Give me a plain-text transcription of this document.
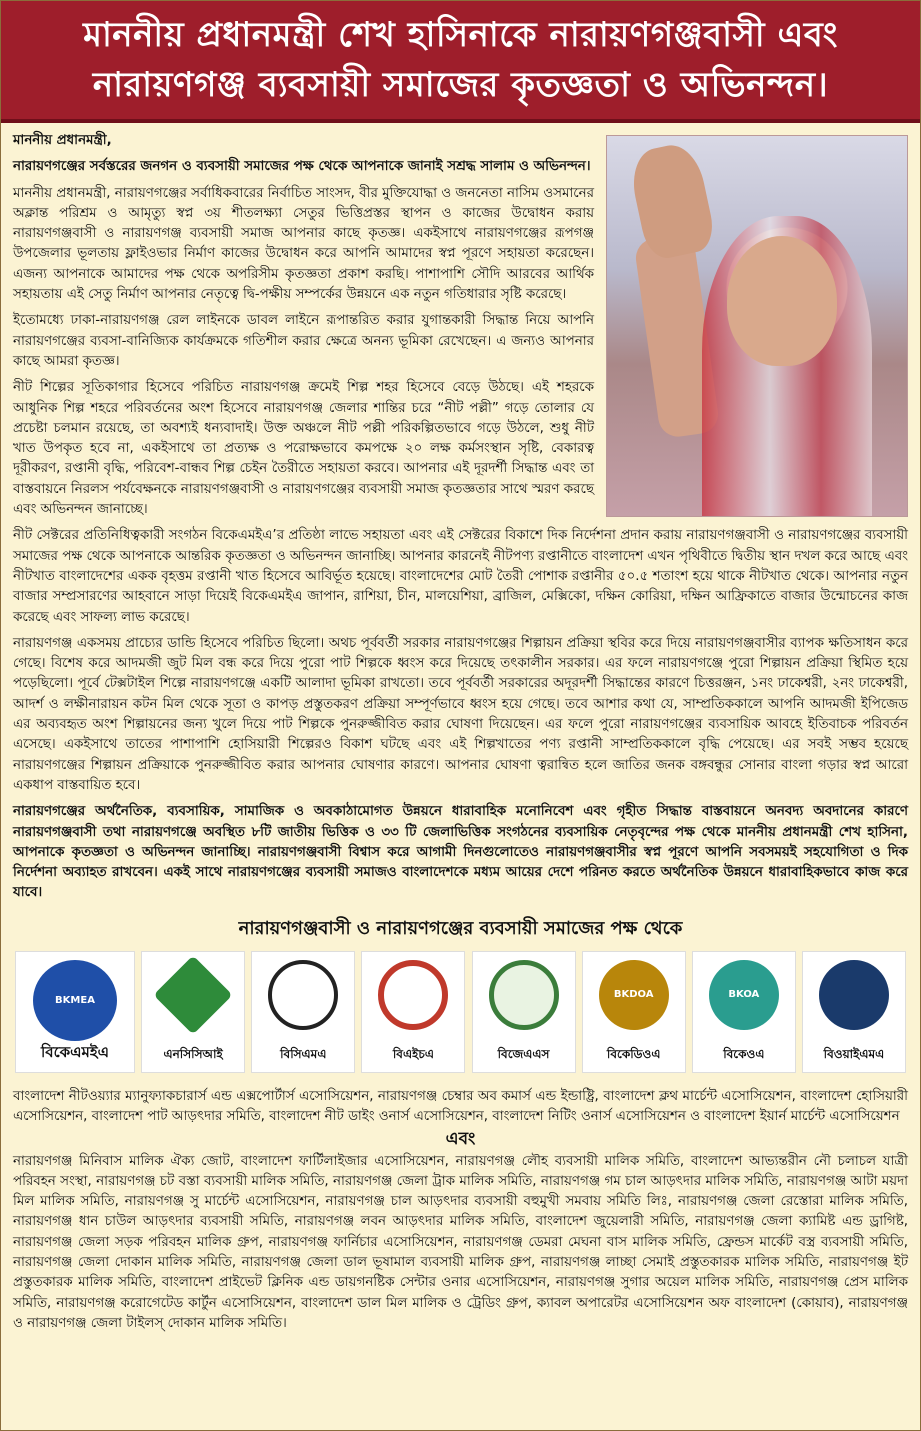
মাননীয় প্রধানমন্ত্রী শেখ হাসিনাকে নারায়ণগঞ্জবাসী এবং
নারায়ণগঞ্জ ব্যবসায়ী সমাজের কৃতজ্ঞতা ও অভিনন্দন।

মাননীয় প্রধানমন্ত্রী,

নারায়ণগঞ্জের সর্বস্তরের জনগন ও ব্যবসায়ী সমাজের পক্ষ থেকে আপনাকে জানাই সশ্রদ্ধ সালাম ও অভিনন্দন।

মাননীয় প্রধানমন্ত্রী, নারায়ণগঞ্জের সর্বাধিকবারের নির্বাচিত সাংসদ, বীর মুক্তিযোদ্ধা ও জননেতা নাসিম ওসমানের অক্লান্ত পরিশ্রম ও আমৃত্যু স্বপ্ন ৩য় শীতলক্ষ্যা সেতুর ভিত্তিপ্রস্তর স্থাপন ও কাজের উদ্বোধন করায় নারায়ণগঞ্জবাসী ও নারায়ণগঞ্জ ব্যবসায়ী সমাজ আপনার কাছে কৃতজ্ঞ। একইসাথে নারায়ণগঞ্জের রূপগঞ্জ উপজেলার ভূলতায় ফ্লাইওভার নির্মাণ কাজের উদ্বোধন করে আপনি আমাদের স্বপ্ন পূরণে সহায়তা করেছেন। এজন্য আপনাকে আমাদের পক্ষ থেকে অপরিসীম কৃতজ্ঞতা প্রকাশ করছি। পাশাপাশি সৌদি আরবের আর্থিক সহায়তায় এই সেতু নির্মাণ আপনার নেতৃত্বে দ্বি-পক্ষীয় সম্পর্কের উন্নয়নে এক নতুন গতিধারার সৃষ্টি করেছে।

ইতোমধ্যে ঢাকা-নারায়ণগঞ্জ রেল লাইনকে ডাবল লাইনে রূপান্তরিত করার যুগান্তকারী সিদ্ধান্ত নিয়ে আপনি নারায়ণগঞ্জের ব্যবসা-বানিজ্যিক কার্যক্রমকে গতিশীল করার ক্ষেত্রে অনন্য ভূমিকা রেখেছেন। এ জন্যও আপনার কাছে আমরা কৃতজ্ঞ।

নীট শিল্পের সূতিকাগার হিসেবে পরিচিত নারায়ণগঞ্জ ক্রমেই শিল্প শহর হিসেবে বেড়ে উঠছে। এই শহরকে আধুনিক শিল্প শহরে পরিবর্তনের অংশ হিসেবে নারায়ণগঞ্জ জেলার শান্তির চরে “নীট পল্লী” গড়ে তোলার যে প্রচেষ্টা চলমান রয়েছে, তা অবশ্যই ধন্যবাদাই। উক্ত অঞ্চলে নীট পল্লী পরিকল্পিতভাবে গড়ে উঠলে, শুধু নীট খাত উপকৃত হবে না, একইসাথে তা প্রত্যক্ষ ও পরোক্ষভাবে কমপক্ষে ২০ লক্ষ কর্মসংস্থান সৃষ্টি, বেকারত্ব দূরীকরণ, রপ্তানী বৃদ্ধি, পরিবেশ-বান্ধব শিল্প চেইন তৈরীতে সহায়তা করবে। আপনার এই দূরদর্শী সিদ্ধান্ত এবং তা বাস্তবায়নে নিরলস পর্যবেক্ষনকে নারায়ণগঞ্জবাসী ও নারায়ণগঞ্জের ব্যবসায়ী সমাজ কৃতজ্ঞতার সাথে স্মরণ করছে এবং অভিনন্দন জানাচ্ছে।

নীট সেক্টরের প্রতিনিধিত্বকারী সংগঠন বিকেএমইএ’র প্রতিষ্ঠা লাভে সহায়তা এবং এই সেক্টরের বিকাশে দিক নির্দেশনা প্রদান করায় নারায়ণগঞ্জবাসী ও নারায়ণগঞ্জের ব্যবসায়ী সমাজের পক্ষ থেকে আপনাকে আন্তরিক কৃতজ্ঞতা ও অভিনন্দন জানাচ্ছি। আপনার কারনেই নীটপণ্য রপ্তানীতে বাংলাদেশ এখন পৃথিবীতে দ্বিতীয় স্থান দখল করে আছে এবং নীটখাত বাংলাদেশের একক বৃহত্তম রপ্তানী খাত হিসেবে আবির্ভূত হয়েছে। বাংলাদেশের মোট তৈরী পোশাক রপ্তানীর ৫০.৫ শতাংশ হয়ে থাকে নীটখাত থেকে। আপনার নতুন বাজার সম্প্রসারণের আহবানে সাড়া দিয়েই বিকেএমইএ জাপান, রাশিয়া, চীন, মালয়েশিয়া, ব্রাজিল, মেক্সিকো, দক্ষিন কোরিয়া, দক্ষিন আফ্রিকাতে বাজার উন্মোচনের কাজ করেছে এবং সাফল্য লাভ করেছে।

নারায়ণগঞ্জ একসময় প্রাচ্যের ডান্ডি হিসেবে পরিচিত ছিলো। অথচ পূর্ববর্তী সরকার নারায়ণগঞ্জের শিল্পায়ন প্রক্রিয়া স্থবির করে দিয়ে নারায়ণগঞ্জবাসীর ব্যাপক ক্ষতিসাধন করে গেছে। বিশেষ করে আদমজী জুট মিল বন্ধ করে দিয়ে পুরো পাট শিল্পকে ধ্বংস করে দিয়েছে তৎকালীন সরকার। এর ফলে নারায়ণগঞ্জে পুরো শিল্পায়ন প্রক্রিয়া স্থিমিত হয়ে পড়েছিলো। পূর্বে টেক্সটাইল শিল্পে নারায়ণগঞ্জে একটি আলাদা ভূমিকা রাখতো। তবে পূর্ববর্তী সরকারের অদূরদর্শী সিদ্ধান্তের কারণে চিত্তরঞ্জন, ১নং ঢাকেশ্বরী, ২নং ঢাকেশ্বরী, আদর্শ ও লক্ষীনারায়ন কটন মিল থেকে সূতা ও কাপড় প্রস্তুতকরণ প্রক্রিয়া সম্পূর্ণভাবে ধ্বংস হয়ে গেছে। তবে আশার কথা যে, সাম্প্রতিককালে আপনি আদমজী ইপিজেড এর অব্যবহৃত অংশ শিল্পায়নের জন্য খুলে দিয়ে পাট শিল্পকে পুনরুজ্জীবিত করার ঘোষণা দিয়েছেন। এর ফলে পুরো নারায়ণগঞ্জের ব্যবসায়িক আবহে ইতিবাচক পরিবর্তন এসেছে। একইসাথে তাতের পাশাপাশি হোসিয়ারী শিল্পেরও বিকাশ ঘটছে এবং এই শিল্পখাতের পণ্য রপ্তানী সাম্প্রতিককালে বৃদ্ধি পেয়েছে। এর সবই সম্ভব হয়েছে নারায়ণগঞ্জের শিল্পায়ন প্রক্রিয়াকে পুনরুজ্জীবিত করার আপনার ঘোষণার কারণে। আপনার ঘোষণা ত্বরান্বিত হলে জাতির জনক বঙ্গবন্ধুর সোনার বাংলা গড়ার স্বপ্ন আরো একধাপ বাস্তবায়িত হবে।

নারায়ণগঞ্জের অর্থনৈতিক, ব্যবসায়িক, সামাজিক ও অবকাঠামোগত উন্নয়নে ধারাবাহিক মনোনিবেশ এবং গৃহীত সিদ্ধান্ত বাস্তবায়নে অনবদ্য অবদানের কারণে নারায়ণগঞ্জবাসী তথা নারায়ণগঞ্জে অবস্থিত ৮টি জাতীয় ভিত্তিক ও ৩৩ টি জেলাভিত্তিক সংগঠনের ব্যবসায়িক নেতৃবৃন্দের পক্ষ থেকে মাননীয় প্রধানমন্ত্রী শেখ হাসিনা, আপনাকে কৃতজ্ঞতা ও অভিনন্দন জানাচ্ছি। নারায়ণগঞ্জবাসী বিশ্বাস করে আগামী দিনগুলোতেও নারায়ণগঞ্জবাসীর স্বপ্ন পূরণে আপনি সবসময়ই সহযোগিতা ও দিক নির্দেশনা অব্যাহত রাখবেন। একই সাথে নারায়ণগঞ্জের ব্যবসায়ী সমাজও বাংলাদেশকে মধ্যম আয়ের দেশে পরিনত করতে অর্থনৈতিক উন্নয়নে ধারাবাহিকভাবে কাজ করে যাবে।

নারায়ণগঞ্জবাসী ও নারায়ণগঞ্জের ব্যবসায়ী সমাজের পক্ষ থেকে
BKMEA
বিকেএমইএ	এনসিসিআই	বিসিএমএ	বিএইচএ	বিজেএএস
BKDOA
বিকেডিওএ
BKOA
বিকেওএ	বিওয়াইএমএ
বাংলাদেশ নীটওয়্যার ম্যানুফ্যাকচারার্স এন্ড এক্সপোর্টার্স এসোসিয়েশন, নারায়ণগঞ্জ চেম্বার অব কমার্স এন্ড ইন্ডাষ্ট্রি, বাংলাদেশ ক্লথ মার্চেন্ট এসোসিয়েশন, বাংলাদেশ হোসিয়ারী এসোসিয়েশন, বাংলাদেশ পাট আড়ৎদার সমিতি, বাংলাদেশ নীট ডাইং ওনার্স এসোসিয়েশন, বাংলাদেশ নিটিং ওনার্স এসোসিয়েশন ও বাংলাদেশ ইয়ার্ন মার্চেন্ট এসোসিয়েশন
এবং
নারায়ণগঞ্জ মিনিবাস মালিক ঐক্য জোট, বাংলাদেশ ফার্টিলাইজার এসোসিয়েশন, নারায়ণগঞ্জ লৌহ ব্যবসায়ী মালিক সমিতি, বাংলাদেশ আভ্যন্তরীন নৌ চলাচল যাত্রী পরিবহন সংস্থা, নারায়ণগঞ্জ চট বস্তা ব্যবসায়ী মালিক সমিতি, নারায়ণগঞ্জ জেলা ট্রাক মালিক সমিতি, নারায়ণগঞ্জ গম চাল আড়ৎদার মালিক সমিতি, নারায়ণগঞ্জ আটা ময়দা মিল মালিক সমিতি, নারায়ণগঞ্জ সু মার্চেন্ট এসোসিয়েশন, নারায়ণগঞ্জ চাল আড়ৎদার ব্যবসায়ী বহুমুখী সমবায় সমিতি লিঃ, নারায়ণগঞ্জ জেলা রেস্তোরা মালিক সমিতি, নারায়ণগঞ্জ ধান চাউল আড়ৎদার ব্যবসায়ী সমিতি, নারায়ণগঞ্জ লবন আড়ৎদার মালিক সমিতি, বাংলাদেশ জুয়েলারী সমিতি, নারায়ণগঞ্জ জেলা ক্যামিষ্ট এন্ড ড্রাগিষ্ট, নারায়ণগঞ্জ জেলা সড়ক পরিবহন মালিক গ্রুপ, নারায়ণগঞ্জ ফার্নিচার এসোসিয়েশন, নারায়ণগঞ্জ ডেমরা মেঘনা বাস মালিক সমিতি, ফ্রেন্ডস মার্কেট বস্ত্র ব্যবসায়ী সমিতি, নারায়ণগঞ্জ জেলা দোকান মালিক সমিতি, নারায়ণগঞ্জ জেলা ডাল ভূষামাল ব্যবসায়ী মালিক গ্রুপ, নারায়ণগঞ্জ লাচ্ছা সেমাই প্রস্তুতকারক মালিক সমিতি, নারায়ণগঞ্জ ইট প্রস্তুতকারক মালিক সমিতি, বাংলাদেশ প্রাইভেট ক্লিনিক এন্ড ডায়গনষ্টিক সেন্টার ওনার এসোসিয়েশন, নারায়ণগঞ্জ সুগার অয়েল মালিক সমিতি, নারায়ণগঞ্জ প্রেস মালিক সমিতি, নারায়ণগঞ্জ করোগেটেড কার্টুন এসোসিয়েশন, বাংলাদেশ ডাল মিল মালিক ও ট্রেডিং গ্রুপ, ক্যাবল অপারেটর এসোসিয়েশন অফ বাংলাদেশ (কোয়াব), নারায়ণগঞ্জ ও নারায়ণগঞ্জ জেলা টাইলস্ দোকান মালিক সমিতি।
